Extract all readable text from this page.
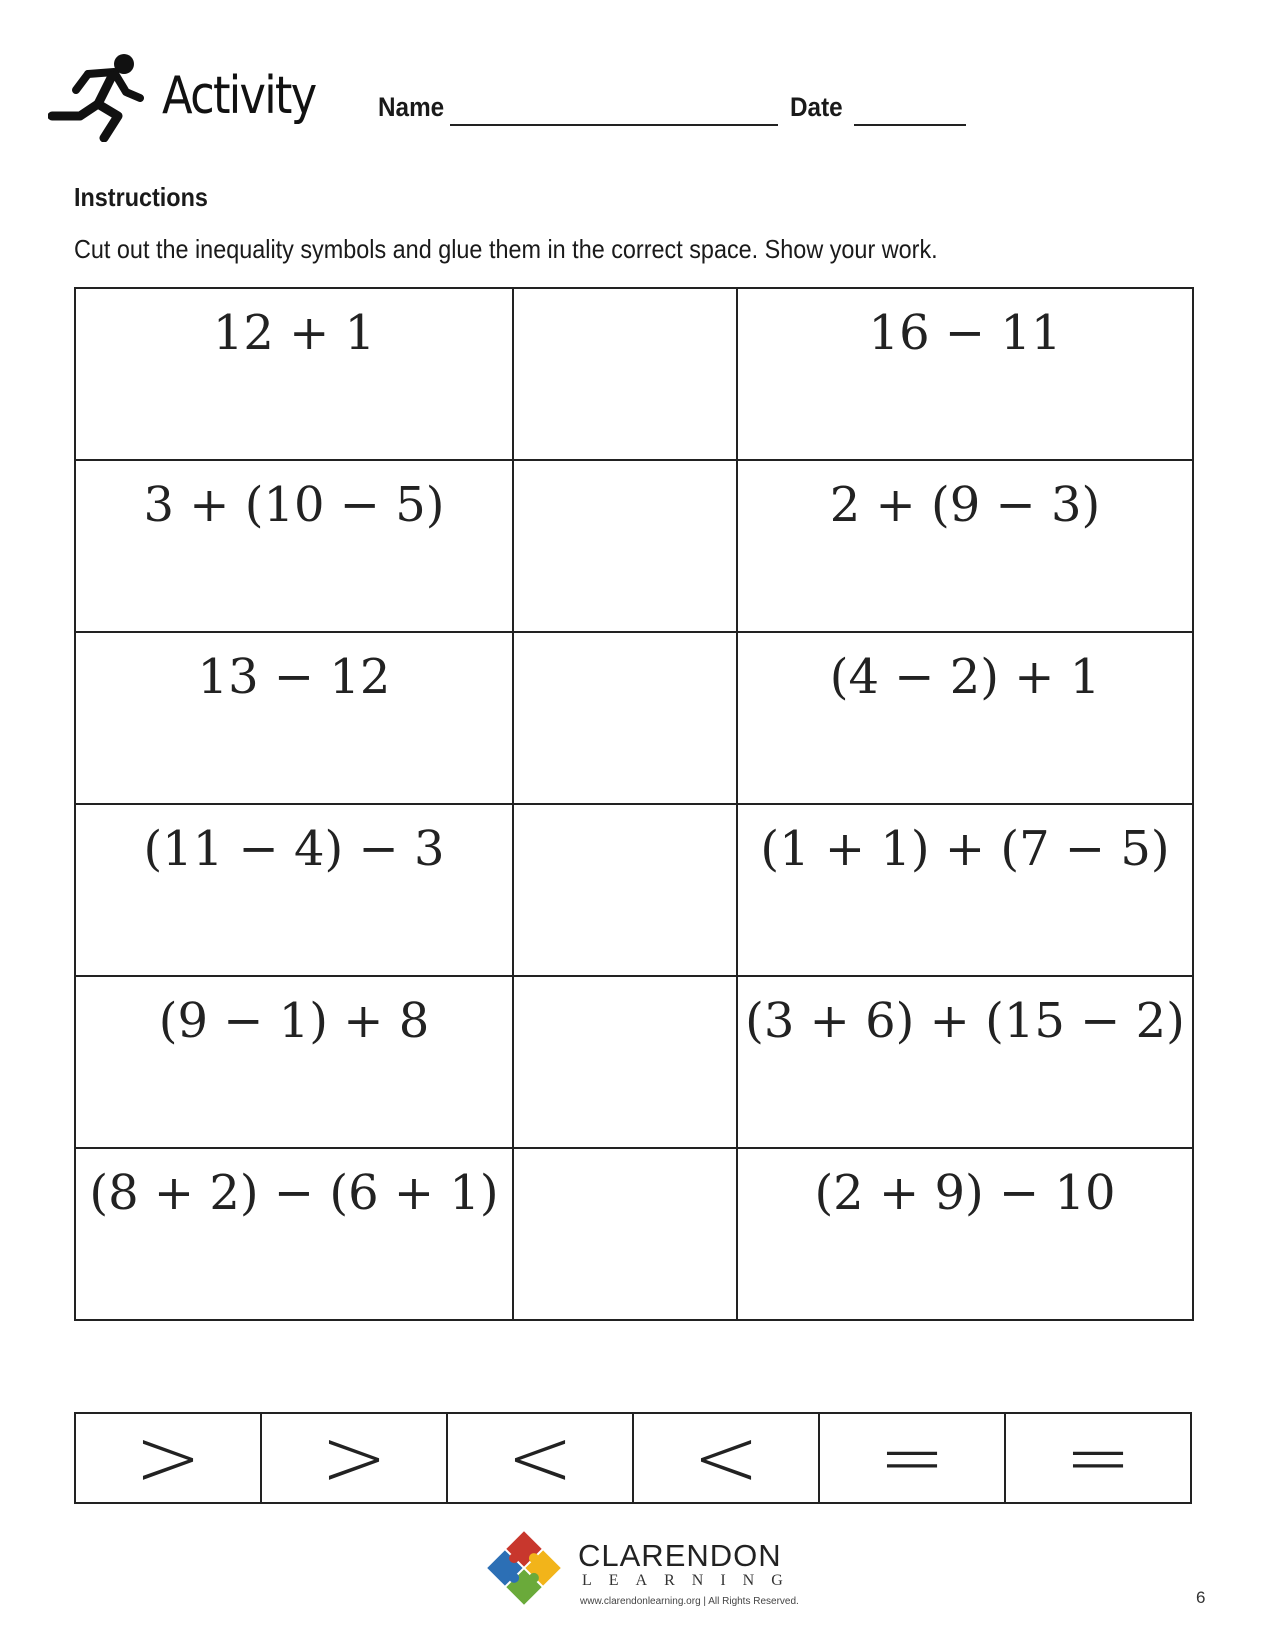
Activity Name	Date
Instructions
Cut out the inequality symbols and glue them in the correct space. Show your work.
12 + 1		16 − 11

3 + (10 − 5)		2 + (9 − 3)

13 − 12		(4 − 2) + 1

(11 − 4) − 3		(1 + 1) + (7 − 5)

(9 − 1) + 8		(3 + 6) + (15 − 2)

(8 + 2) − (6 + 1)		(2 + 9) − 10
>	>	<	<	=	=
CLARENDON
LEARNING
www.clarendonlearning.org | All Rights Reserved.	6
